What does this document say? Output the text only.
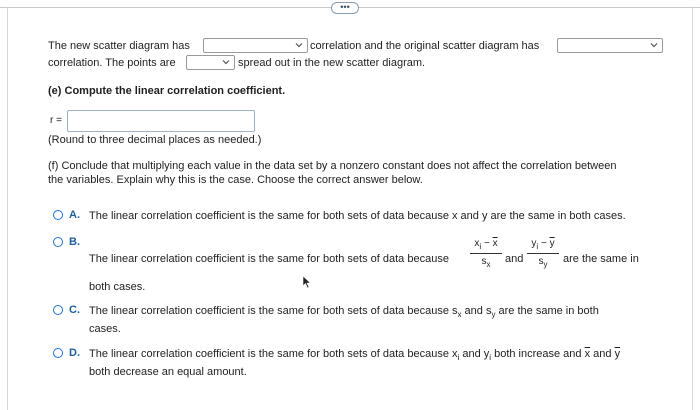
•••
The new scatter diagram has	correlation and the original scatter diagram has
correlation. The points are	spread out in the new scatter diagram.
(e) Compute the linear correlation coefficient.
r =
(Round to three decimal places as needed.)
(f) Conclude that multiplying each value in the data set by a nonzero constant does not affect the correlation between
the variables. Explain why this is the case. Choose the correct answer below.
A. The linear correlation coefficient is the same for both sets of data because x and y are the same in both cases.
B.
The linear correlation coefficient is the same for both sets of data because
$x_i - \overline{x}$
$s_x$	and
$y_i - \overline{y}$
$s_y$	are the same in
both cases.
C. The linear correlation coefficient is the same for both sets of data because $s_x$ and $s_y$ are the same in both
cases.
D. The linear correlation coefficient is the same for both sets of data because $x_i$ and $y_i$ both increase and $\overline{x}$ and $\overline{y}$
both decrease an equal amount.
